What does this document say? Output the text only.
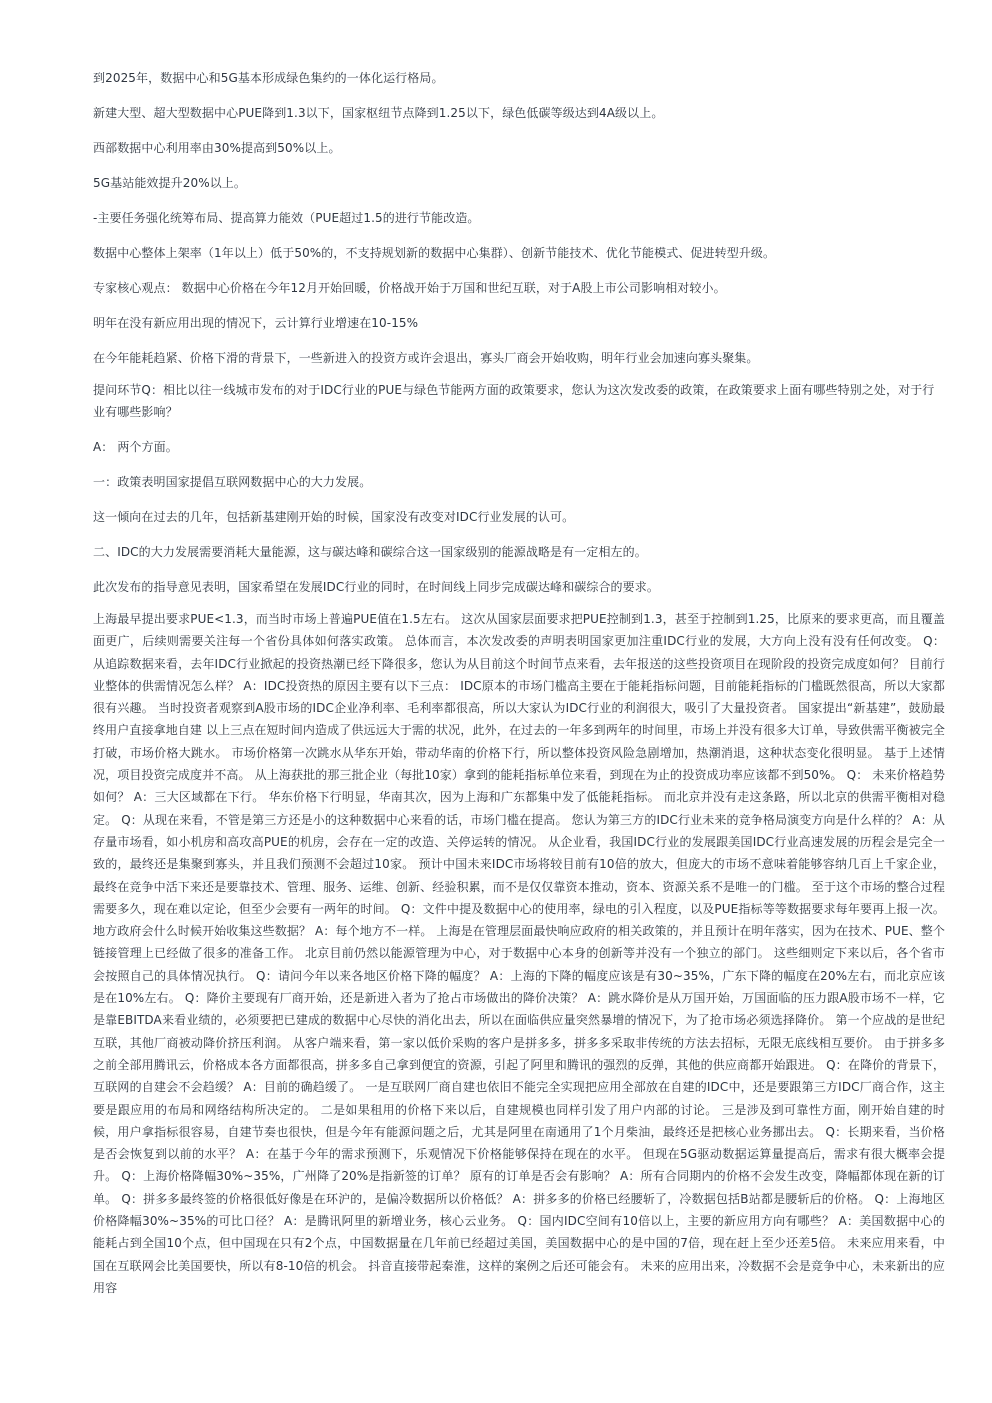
到2025年，数据中心和5G基本形成绿色集约的一体化运行格局。

新建大型、超大型数据中心PUE降到1.3以下，国家枢纽节点降到1.25以下，绿色低碳等级达到4A级以上。

西部数据中心利用率由30%提高到50%以上。

5G基站能效提升20%以上。

-主要任务强化统筹布局、提高算力能效（PUE超过1.5的进行节能改造。

数据中心整体上架率（1年以上）低于50%的，不支持规划新的数据中心集群）、创新节能技术、优化节能模式、促进转型升级。

专家核心观点： 数据中心价格在今年12月开始回暖，价格战开始于万国和世纪互联，对于A股上市公司影响相对较小。

明年在没有新应用出现的情况下，云计算行业增速在10-15%

在今年能耗趋紧、价格下滑的背景下，一些新进入的投资方或许会退出，寡头厂商会开始收购，明年行业会加速向寡头聚集。

提问环节Q：相比以往一线城市发布的对于IDC行业的PUE与绿色节能两方面的政策要求，您认为这次发改委的政策，在政策要求上面有哪些特别之处，对于行业有哪些影响？

A： 两个方面。

一：政策表明国家提倡互联网数据中心的大力发展。

这一倾向在过去的几年，包括新基建刚开始的时候，国家没有改变对IDC行业发展的认可。

二、IDC的大力发展需要消耗大量能源，这与碳达峰和碳综合这一国家级别的能源战略是有一定相左的。

此次发布的指导意见表明，国家希望在发展IDC行业的同时，在时间线上同步完成碳达峰和碳综合的要求。

上海最早提出要求PUE<1.3，而当时市场上普遍PUE值在1.5左右。 这次从国家层面要求把PUE控制到1.3，甚至于控制到1.25，比原来的要求更高，而且覆盖面更广，后续则需要关注每一个省份具体如何落实政策。 总体而言，本次发改委的声明表明国家更加注重IDC行业的发展，大方向上没有没有任何改变。 Q： 从追踪数据来看，去年IDC行业掀起的投资热潮已经下降很多，您认为从目前这个时间节点来看，去年报送的这些投资项目在现阶段的投资完成度如何？ 目前行业整体的供需情况怎么样？ A：IDC投资热的原因主要有以下三点： IDC原本的市场门槛高主要在于能耗指标问题，目前能耗指标的门槛既然很高，所以大家都很有兴趣。 当时投资者观察到A股市场的IDC企业净利率、毛利率都很高，所以大家认为IDC行业的利润很大，吸引了大量投资者。 国家提出“新基建”，鼓励最终用户直接拿地自建 以上三点在短时间内造成了供远远大于需的状况，此外，在过去的一年多到两年的时间里，市场上并没有很多大订单，导致供需平衡被完全打破，市场价格大跳水。 市场价格第一次跳水从华东开始，带动华南的价格下行，所以整体投资风险急剧增加，热潮消退，这种状态变化很明显。 基于上述情况，项目投资完成度并不高。 从上海获批的那三批企业（每批10家）拿到的能耗指标单位来看，到现在为止的投资成功率应该都不到50%。 Q： 未来价格趋势如何？ A：三大区域都在下行。 华东价格下行明显，华南其次，因为上海和广东都集中发了低能耗指标。 而北京并没有走这条路，所以北京的供需平衡相对稳定。 Q：从现在来看，不管是第三方还是小的这种数据中心来看的话，市场门槛在提高。 您认为第三方的IDC行业未来的竞争格局演变方向是什么样的？ A：从存量市场看，如小机房和高攻高PUE的机房，会存在一定的改造、关停运转的情况。 从企业看，我国IDC行业的发展跟美国IDC行业高速发展的历程会是完全一致的，最终还是集聚到寡头，并且我们预测不会超过10家。 预计中国未来IDC市场将较目前有10倍的放大，但庞大的市场不意味着能够容纳几百上千家企业，最终在竞争中活下来还是要靠技术、管理、服务、运维、创新、经验积累，而不是仅仅靠资本推动，资本、资源关系不是唯一的门槛。 至于这个市场的整合过程需要多久，现在难以定论，但至少会要有一两年的时间。 Q：文件中提及数据中心的使用率，绿电的引入程度，以及PUE指标等等数据要求每年要再上报一次。 地方政府会什么时候开始收集这些数据？ A：每个地方不一样。 上海是在管理层面最快响应政府的相关政策的，并且预计在明年落实，因为在技术、PUE、整个链接管理上已经做了很多的准备工作。 北京目前仍然以能源管理为中心，对于数据中心本身的创新等并没有一个独立的部门。 这些细则定下来以后，各个省市会按照自己的具体情况执行。 Q：请问今年以来各地区价格下降的幅度？ A：上海的下降的幅度应该是有30~35%，广东下降的幅度在20%左右，而北京应该是在10%左右。 Q：降价主要现有厂商开始，还是新进入者为了抢占市场做出的降价决策？ A：跳水降价是从万国开始，万国面临的压力跟A股市场不一样，它是靠EBITDA来看业绩的，必须要把已建成的数据中心尽快的消化出去，所以在面临供应量突然暴增的情况下，为了抢市场必须选择降价。 第一个应战的是世纪互联，其他厂商被动降价挤压利润。 从客户端来看，第一家以低价采购的客户是拼多多，拼多多采取非传统的方法去招标，无限无底线相互要价。 由于拼多多之前全部用腾讯云，价格成本各方面都很高，拼多多自己拿到便宜的资源，引起了阿里和腾讯的强烈的反弹，其他的供应商都开始跟进。 Q：在降价的背景下，互联网的自建会不会趋缓？ A：目前的确趋缓了。 一是互联网厂商自建也依旧不能完全实现把应用全部放在自建的IDC中，还是要跟第三方IDC厂商合作，这主要是跟应用的布局和网络结构所决定的。 二是如果租用的价格下来以后，自建规模也同样引发了用户内部的讨论。 三是涉及到可靠性方面，刚开始自建的时候，用户拿指标很容易，自建节奏也很快，但是今年有能源问题之后，尤其是阿里在南通用了1个月柴油，最终还是把核心业务挪出去。 Q：长期来看，当价格是否会恢复到以前的水平？ A：在基于今年的需求预测下，乐观情况下价格能够保持在现在的水平。 但现在5G驱动数据运算量提高后，需求有很大概率会提升。 Q：上海价格降幅30%~35%，广州降了20%是指新签的订单？ 原有的订单是否会有影响？ A：所有合同期内的价格不会发生改变，降幅都体现在新的订单。 Q：拼多多最终签的价格很低好像是在环沪的，是偏冷数据所以价格低？ A：拼多多的价格已经腰斩了，冷数据包括B站都是腰斩后的价格。 Q：上海地区价格降幅30%~35%的可比口径？ A：是腾讯阿里的新增业务，核心云业务。 Q：国内IDC空间有10倍以上，主要的新应用方向有哪些？ A：美国数据中心的能耗占到全国10个点，但中国现在只有2个点，中国数据量在几年前已经超过美国，美国数据中心的是中国的7倍，现在赶上至少还差5倍。 未来应用来看，中国在互联网会比美国要快，所以有8-10倍的机会。 抖音直接带起秦淮，这样的案例之后还可能会有。 未来的应用出来，冷数据不会是竞争中心，未来新出的应用容
